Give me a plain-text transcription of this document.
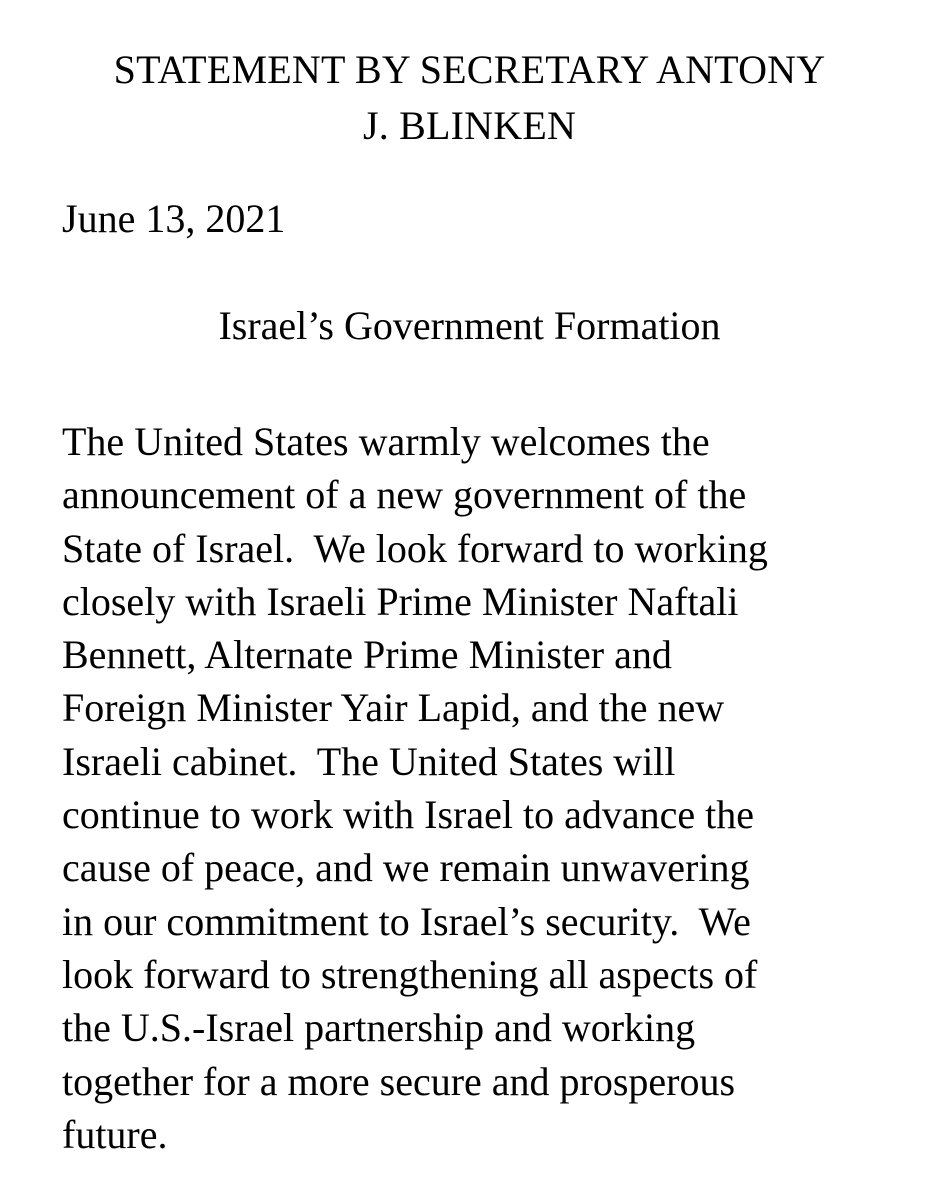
STATEMENT BY SECRETARY ANTONY
J. BLINKEN
June 13, 2021
Israel’s Government Formation
The United States warmly welcomes the
announcement of a new government of the
State of Israel.  We look forward to working
closely with Israeli Prime Minister Naftali
Bennett, Alternate Prime Minister and
Foreign Minister Yair Lapid, and the new
Israeli cabinet.  The United States will
continue to work with Israel to advance the
cause of peace, and we remain unwavering
in our commitment to Israel’s security.  We
look forward to strengthening all aspects of
the U.S.-Israel partnership and working
together for a more secure and prosperous
future.
